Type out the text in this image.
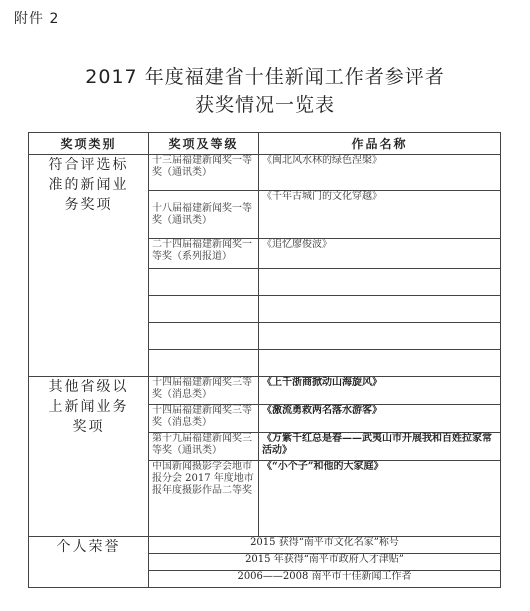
附件 2
2017 年度福建省十佳新闻工作者参评者
获奖情况一览表
奖项类别	奖项及等级	作品名称

符合评选标准的新闻业务奖项	十三届福建新闻奖一等奖（通讯类）	《闽北风水林的绿色涅槃》
	十八届福建新闻奖一等奖（通讯类）	《千年古城门的文化穿越》
	二十四届福建新闻奖一等奖（系列报道）	《追忆廖俊波》

其他省级以上新闻业务奖项	十四届福建新闻奖三等奖（消息类）	《上千浙商掀动山海旋风》
	十四届福建新闻奖三等奖（消息类）	《激流勇救两名落水游客》
	第十九届福建新闻奖三等奖（通讯类）	《万紫千红总是春——武夷山市开展我和百姓拉家常活动》
	中国新闻摄影学会地市报分会 2017 年度地市报年度摄影作品二等奖	《“小个子”和他的大家庭》

个人荣誉	2015 获得“南平市文化名家”称号	
	2015 年获得“南平市政府人才津贴”	
	2006——2008 南平市十佳新闻工作者	
